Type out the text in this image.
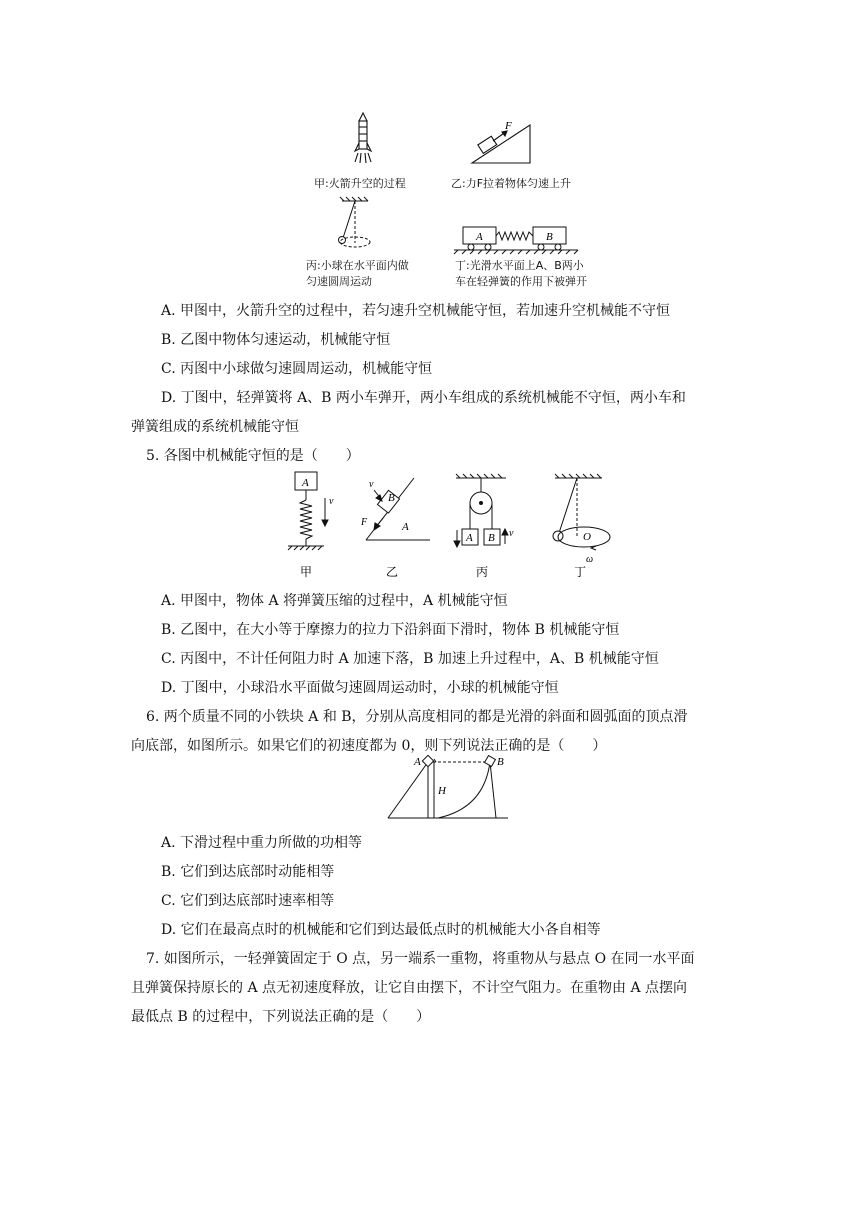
F
A	B
甲:火箭升空的过程	乙:力F拉着物体匀速上升
丙:小球在水平面内做
匀速圆周运动
丁:光滑水平面上A、B两小
车在轻弹簧的作用下被弹开
A. 甲图中，火箭升空的过程中，若匀速升空机械能守恒，若加速升空机械能不守恒
B. 乙图中物体匀速运动，机械能守恒
C. 丙图中小球做匀速圆周运动，机械能守恒
D. 丁图中，轻弹簧将 A、B 两小车弹开，两小车组成的系统机械能不守恒，两小车和
弹簧组成的系统机械能守恒
5. 各图中机械能守恒的是（　　）
A
v	B
A
F
v
A B v	O
ω
甲	乙	丙	丁
A. 甲图中，物体 A 将弹簧压缩的过程中，A 机械能守恒
B. 乙图中，在大小等于摩擦力的拉力下沿斜面下滑时，物体 B 机械能守恒
C. 丙图中，不计任何阻力时 A 加速下落，B 加速上升过程中，A、B 机械能守恒
D. 丁图中，小球沿水平面做匀速圆周运动时，小球的机械能守恒
6. 两个质量不同的小铁块 A 和 B，分别从高度相同的都是光滑的斜面和圆弧面的顶点滑
向底部，如图所示。如果它们的初速度都为 0，则下列说法正确的是（　　）
A	B
H
A. 下滑过程中重力所做的功相等
B. 它们到达底部时动能相等
C. 它们到达底部时速率相等
D. 它们在最高点时的机械能和它们到达最低点时的机械能大小各自相等
7. 如图所示，一轻弹簧固定于 O 点，另一端系一重物，将重物从与悬点 O 在同一水平面
且弹簧保持原长的 A 点无初速度释放，让它自由摆下，不计空气阻力。在重物由 A 点摆向
最低点 B 的过程中，下列说法正确的是（　　）
